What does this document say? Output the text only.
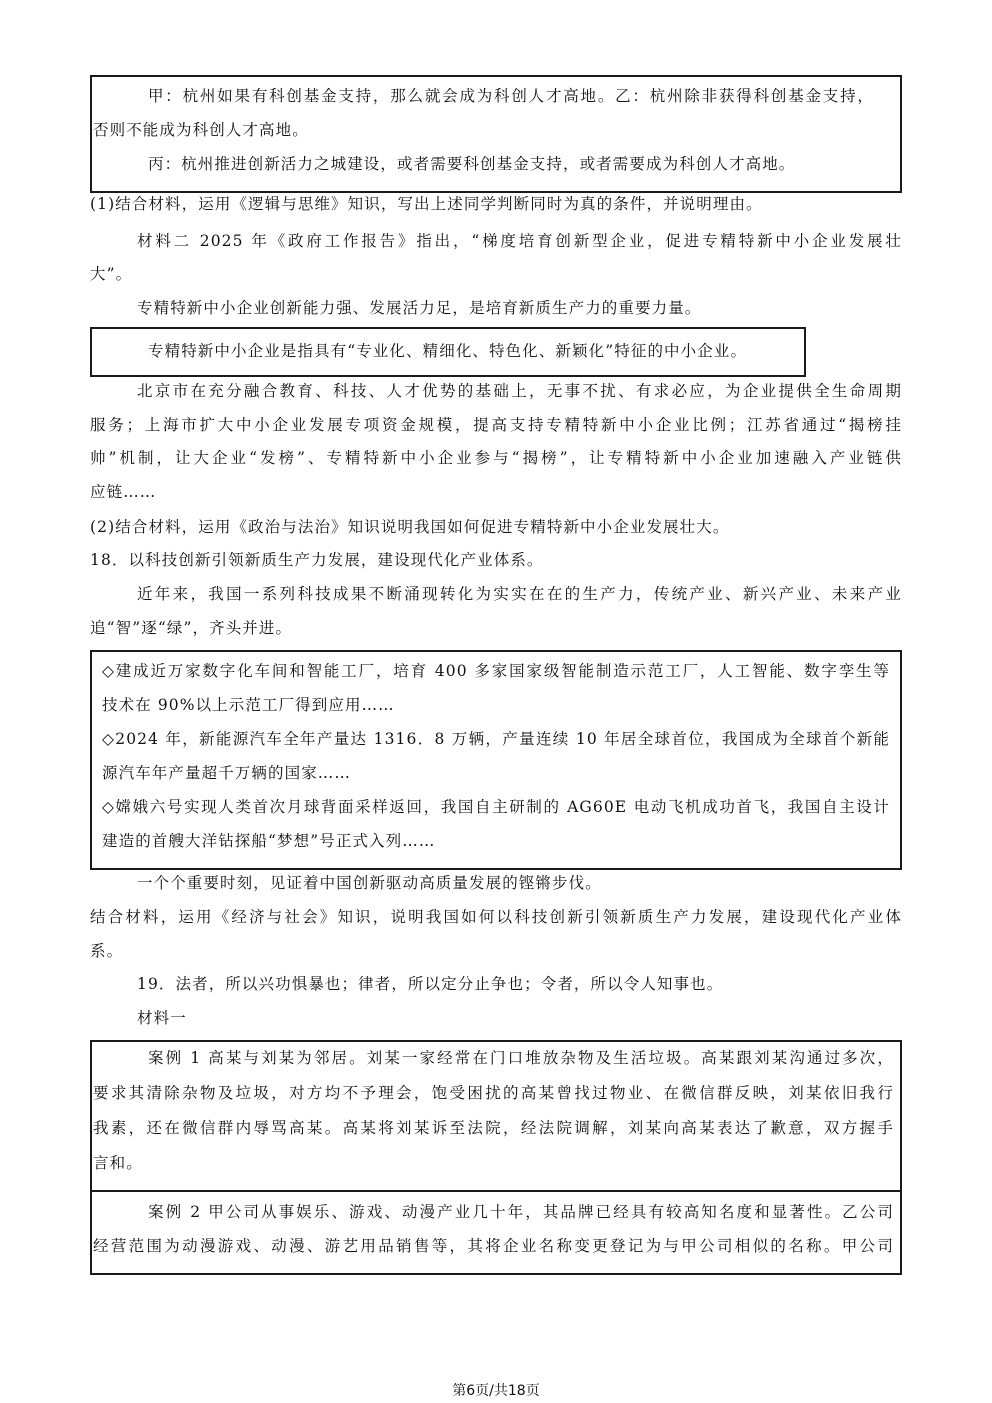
甲：杭州如果有科创基金支持，那么就会成为科创人才高地。乙：杭州除非获得科创基金支持，
否则不能成为科创人才高地。
丙：杭州推进创新活力之城建设，或者需要科创基金支持，或者需要成为科创人才高地。
(1)结合材料，运用《逻辑与思维》知识，写出上述同学判断同时为真的条件，并说明理由。
材料二 2025 年《政府工作报告》指出，“梯度培育创新型企业，促进专精特新中小企业发展壮
大”。
专精特新中小企业创新能力强、发展活力足，是培育新质生产力的重要力量。
专精特新中小企业是指具有“专业化、精细化、特色化、新颖化”特征的中小企业。
北京市在充分融合教育、科技、人才优势的基础上，无事不扰、有求必应，为企业提供全生命周期
服务；上海市扩大中小企业发展专项资金规模，提高支持专精特新中小企业比例；江苏省通过“揭榜挂
帅”机制，让大企业“发榜”、专精特新中小企业参与“揭榜”，让专精特新中小企业加速融入产业链供
应链……
(2)结合材料，运用《政治与法治》知识说明我国如何促进专精特新中小企业发展壮大。
18．以科技创新引领新质生产力发展，建设现代化产业体系。
近年来，我国一系列科技成果不断涌现转化为实实在在的生产力，传统产业、新兴产业、未来产业
追“智”逐“绿”，齐头并进。
◇建成近万家数字化车间和智能工厂，培育 400 多家国家级智能制造示范工厂，人工智能、数字孪生等
技术在 90%以上示范工厂得到应用……
◇2024 年，新能源汽车全年产量达 1316．8 万辆，产量连续 10 年居全球首位，我国成为全球首个新能
源汽车年产量超千万辆的国家……
◇嫦娥六号实现人类首次月球背面采样返回，我国自主研制的 AG60E 电动飞机成功首飞，我国自主设计
建造的首艘大洋钻探船“梦想”号正式入列……
一个个重要时刻，见证着中国创新驱动高质量发展的铿锵步伐。
结合材料，运用《经济与社会》知识，说明我国如何以科技创新引领新质生产力发展，建设现代化产业体
系。
19．法者，所以兴功惧暴也；律者，所以定分止争也；令者，所以令人知事也。
材料一
案例 1 高某与刘某为邻居。刘某一家经常在门口堆放杂物及生活垃圾。高某跟刘某沟通过多次，
要求其清除杂物及垃圾，对方均不予理会，饱受困扰的高某曾找过物业、在微信群反映，刘某依旧我行
我素，还在微信群内辱骂高某。高某将刘某诉至法院，经法院调解，刘某向高某表达了歉意，双方握手
言和。
案例 2 甲公司从事娱乐、游戏、动漫产业几十年，其品牌已经具有较高知名度和显著性。乙公司
经营范围为动漫游戏、动漫、游艺用品销售等，其将企业名称变更登记为与甲公司相似的名称。甲公司
第6页/共18页
